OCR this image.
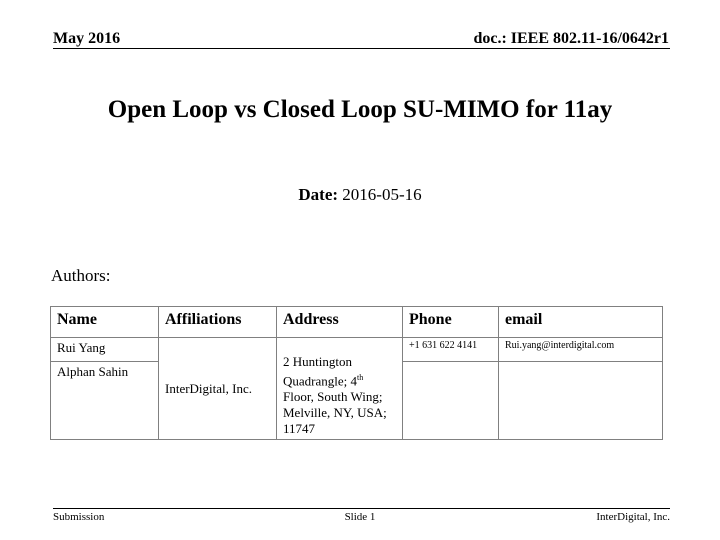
May 2016	doc.: IEEE 802.11-16/0642r1
Open Loop vs Closed Loop SU-MIMO for 11ay
Date: 2016-05-16
Authors:
Name	Affiliations	Address	Phone	email
Rui Yang	InterDigital, Inc.	2 Huntington Quadrangle; 4th Floor, South Wing; Melville, NY, USA; 11747	+1 631 622 4141	Rui.yang@interdigital.com
Alphan Sahin				
Submission	Slide 1	InterDigital, Inc.
